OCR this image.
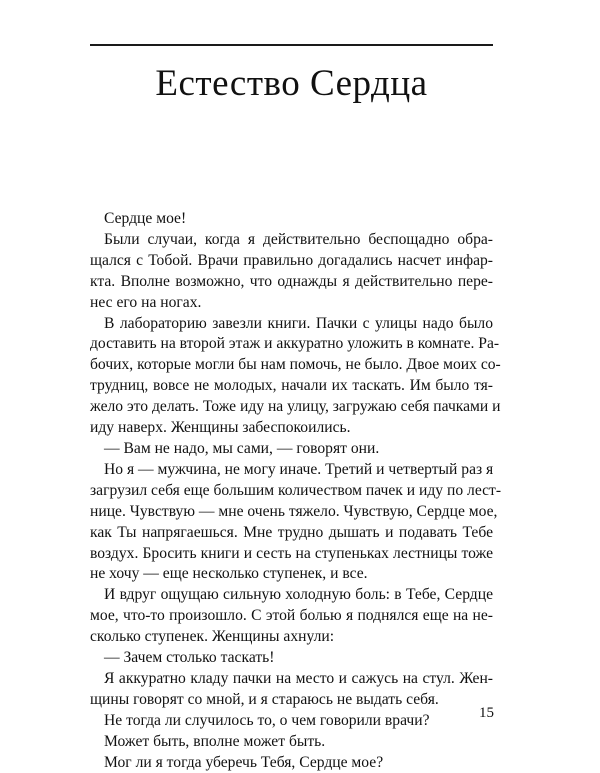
Естество Сердца
Сердце мое!
Были случаи, когда я действительно беспощадно обра-
щался с Тобой. Врачи правильно догадались насчет инфар-
кта. Вполне возможно, что однажды я действительно пере-
нес его на ногах.
В лабораторию завезли книги. Пачки с улицы надо было
доставить на второй этаж и аккуратно уложить в комнате. Ра-
бочих, которые могли бы нам помочь, не было. Двое моих со-
трудниц, вовсе не молодых, начали их таскать. Им было тя-
жело это делать. Тоже иду на улицу, загружаю себя пачками и
иду наверх. Женщины забеспокоились.
— Вам не надо, мы сами, — говорят они.
Но я — мужчина, не могу иначе. Третий и четвертый раз я
загрузил себя еще большим количеством пачек и иду по лест-
нице. Чувствую — мне очень тяжело. Чувствую, Сердце мое,
как Ты напрягаешься. Мне трудно дышать и подавать Тебе
воздух. Бросить книги и сесть на ступеньках лестницы тоже
не хочу — еще несколько ступенек, и все.
И вдруг ощущаю сильную холодную боль: в Тебе, Сердце
мое, что-то произошло. С этой болью я поднялся еще на не-
сколько ступенек. Женщины ахнули:
— Зачем столько таскать!
Я аккуратно кладу пачки на место и сажусь на стул. Жен-
щины говорят со мной, и я стараюсь не выдать себя.
Не тогда ли случилось то, о чем говорили врачи?
Может быть, вполне может быть.
Мог ли я тогда уберечь Тебя, Сердце мое?
15
